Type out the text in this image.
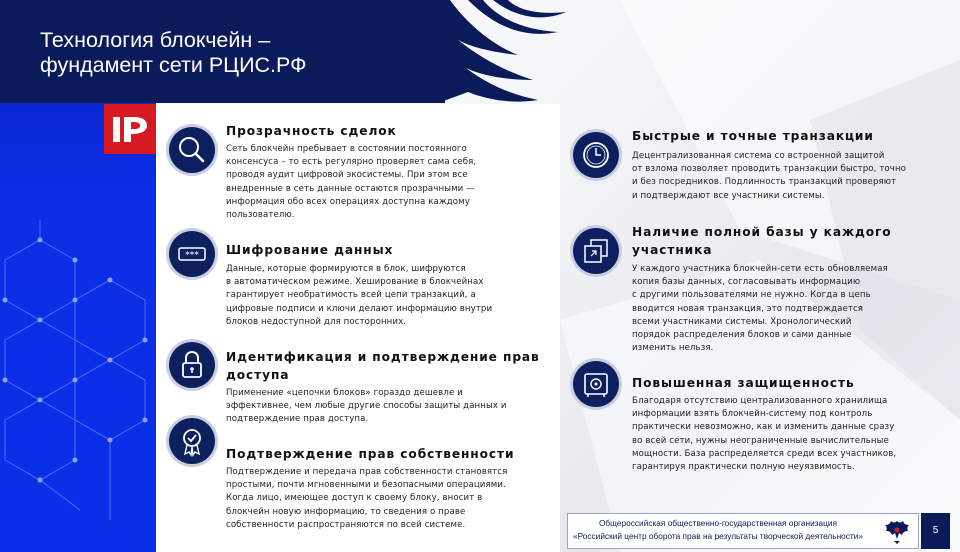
Технология блокчейн –
фундамент сети РЦИС.РФ
Прозрачность сделок
Сеть блокчейн пребывает в состоянии постоянного
консенсуса – то есть регулярно проверяет сама себя,
проводя аудит цифровой экосистемы. При этом все
внедренные в сеть данные остаются прозрачными —
информация обо всех операциях доступна каждому
пользователю.
*** Шифрование данных
Данные, которые формируются в блок, шифруются
в автоматическом режиме. Хеширование в блокчейнах
гарантирует необратимость всей цепи транзакций, а
цифровые подписи и ключи делают информацию внутри
блоков недоступной для посторонних.
Идентификация и подтверждение прав
доступа
Применение «цепочки блоков» гораздо дешевле и
эффективнее, чем любые другие способы защиты данных и
подтверждение прав доступа.
Подтверждение прав собственности
Подтверждение и передача прав собственности становятся
простыми, почти мгновенными и безопасными операциями.
Когда лицо, имеющее доступ к своему блоку, вносит в
блокчейн новую информацию, то сведения о праве
собственности распространяются по всей системе.
Быстрые и точные транзакции
Децентрализованная система со встроенной защитой
от взлома позволяет проводить транзакции быстро, точно
и без посредников. Подлинность транзакций проверяют
и подтверждают все участники системы.
Наличие полной базы у каждого
участника
У каждого участника блокчейн-сети есть обновляемая
копия базы данных, согласовывать информацию
с другими пользователями не нужно. Когда в цепь
вводится новая транзакция, это подтверждается
всеми участниками системы. Хронологический
порядок распределения блоков и сами данные
изменить нельзя.
Повышенная защищенность
Благодаря отсутствию централизованного хранилища
информации взять блокчейн-систему под контроль
практически невозможно, как и изменить данные сразу
во всей сети, нужны неограниченные вычислительные
мощности. База распределяется среди всех участников,
гарантируя практически полную неуязвимость.
Общероссийская общественно-государственная организация
«Российский центр оборота прав на результаты творческой деятельности»	5
